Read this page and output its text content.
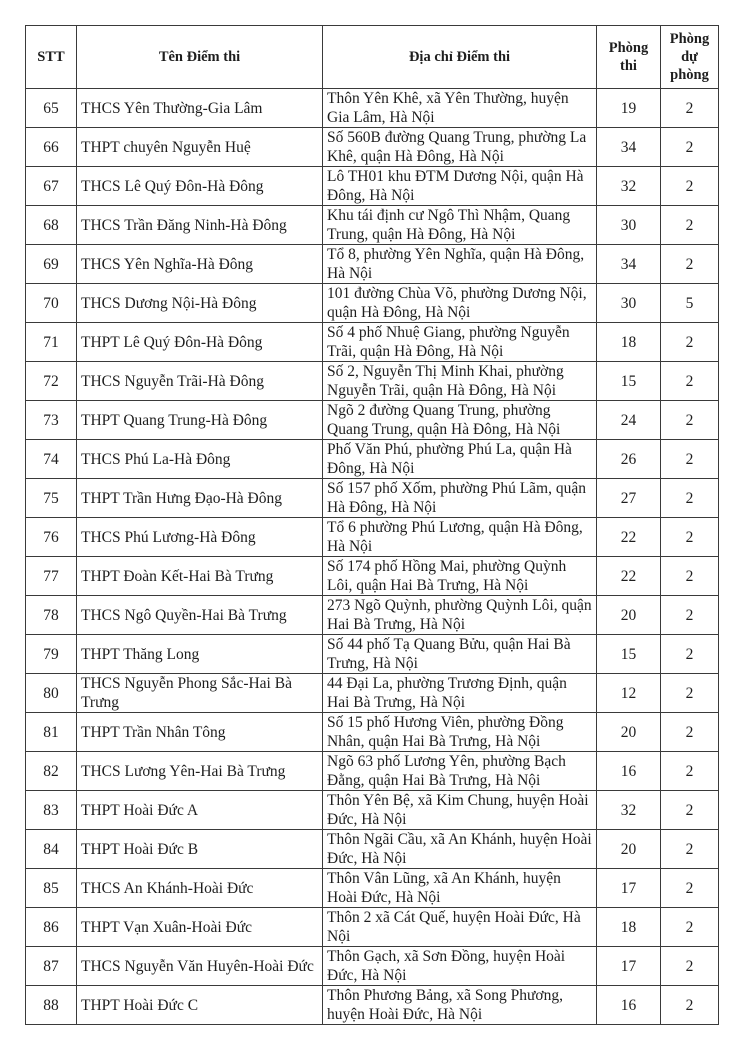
STT	Tên Điểm thi	Địa chỉ Điểm thi	Phòng thi	Phòng dự phòng
65	THCS Yên Thường-Gia Lâm	Thôn Yên Khê, xã Yên Thường, huyện Gia Lâm, Hà Nội	19	2
66	THPT chuyên Nguyễn Huệ	Số 560B đường Quang Trung, phường La Khê, quận Hà Đông, Hà Nội	34	2
67	THCS Lê Quý Đôn-Hà Đông	Lô TH01 khu ĐTM Dương Nội, quận Hà Đông, Hà Nội	32	2
68	THCS Trần Đăng Ninh-Hà Đông	Khu tái định cư Ngô Thì Nhậm, Quang Trung, quận Hà Đông, Hà Nội	30	2
69	THCS Yên Nghĩa-Hà Đông	Tổ 8, phường Yên Nghĩa, quận Hà Đông, Hà Nội	34	2
70	THCS Dương Nội-Hà Đông	101 đường Chùa Võ, phường Dương Nội, quận Hà Đông, Hà Nội	30	5
71	THPT Lê Quý Đôn-Hà Đông	Số 4 phố Nhuệ Giang, phường Nguyễn Trãi, quận Hà Đông, Hà Nội	18	2
72	THCS Nguyễn Trãi-Hà Đông	Số 2, Nguyễn Thị Minh Khai, phường Nguyễn Trãi, quận Hà Đông, Hà Nội	15	2
73	THPT Quang Trung-Hà Đông	Ngõ 2 đường Quang Trung, phường Quang Trung, quận Hà Đông, Hà Nội	24	2
74	THCS Phú La-Hà Đông	Phố Văn Phú, phường Phú La, quận Hà Đông, Hà Nội	26	2
75	THPT Trần Hưng Đạo-Hà Đông	Số 157 phố Xốm, phường Phú Lãm, quận Hà Đông, Hà Nội	27	2
76	THCS Phú Lương-Hà Đông	Tổ 6 phường Phú Lương, quận Hà Đông, Hà Nội	22	2
77	THPT Đoàn Kết-Hai Bà Trưng	Số 174 phố Hồng Mai, phường Quỳnh Lôi, quận Hai Bà Trưng, Hà Nội	22	2
78	THCS Ngô Quyền-Hai Bà Trưng	273 Ngõ Quỳnh, phường Quỳnh Lôi, quận Hai Bà Trưng, Hà Nội	20	2
79	THPT Thăng Long	Số 44 phố Tạ Quang Bửu, quận Hai Bà Trưng, Hà Nội	15	2
80	THCS Nguyễn Phong Sắc-Hai Bà Trưng	44 Đại La, phường Trương Định, quận Hai Bà Trưng, Hà Nội	12	2
81	THPT Trần Nhân Tông	Số 15 phố Hương Viên, phường Đồng Nhân, quận Hai Bà Trưng, Hà Nội	20	2
82	THCS Lương Yên-Hai Bà Trưng	Ngõ 63 phố Lương Yên, phường Bạch Đằng, quận Hai Bà Trưng, Hà Nội	16	2
83	THPT Hoài Đức A	Thôn Yên Bệ, xã Kim Chung, huyện Hoài Đức, Hà Nội	32	2
84	THPT Hoài Đức B	Thôn Ngãi Cầu, xã An Khánh, huyện Hoài Đức, Hà Nội	20	2
85	THCS An Khánh-Hoài Đức	Thôn Vân Lũng, xã An Khánh, huyện Hoài Đức, Hà Nội	17	2
86	THPT Vạn Xuân-Hoài Đức	Thôn 2 xã Cát Quế, huyện Hoài Đức, Hà Nội	18	2
87	THCS Nguyễn Văn Huyên-Hoài Đức	Thôn Gạch, xã Sơn Đồng, huyện Hoài Đức, Hà Nội	17	2
88	THPT Hoài Đức C	Thôn Phương Bảng, xã Song Phương, huyện Hoài Đức, Hà Nội	16	2
